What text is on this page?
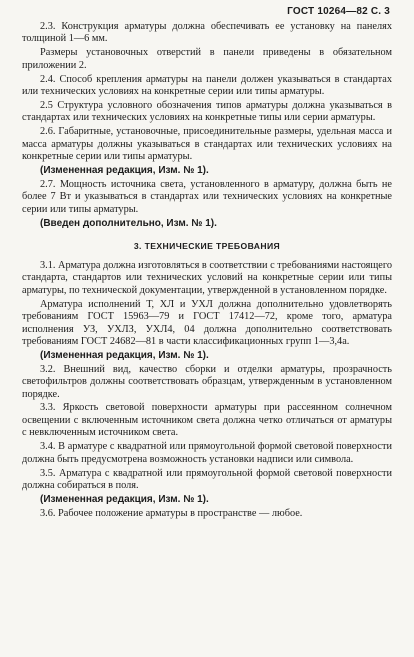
ГОСТ 10264—82 С. 3

2.3. Конструкция арматуры должна обеспечивать ее установку на панелях толщиной 1—6 мм.

Размеры установочных отверстий в панели приведены в обязательном приложении 2.

2.4. Способ крепления арматуры на панели должен указываться в стандартах или технических условиях на конкретные серии или типы арматуры.

2.5 Структура условного обозначения типов арматуры должна указываться в стандартах или технических условиях на конкретные типы или серии арматуры.

2.6. Габаритные, установочные, присоединительные размеры, удельная масса и масса арматуры должны указываться в стандартах или технических условиях на конкретные серии или типы арматуры.

(Измененная редакция, Изм. № 1).

2.7. Мощность источника света, установленного в арматуру, должна быть не более 7 Вт и указываться в стандартах или технических условиях на конкретные серии или типы арматуры.

(Введен дополнительно, Изм. № 1).
3. ТЕХНИЧЕСКИЕ ТРЕБОВАНИЯ

3.1. Арматура должна изготовляться в соответствии с требованиями настоящего стандарта, стандартов или технических условий на конкретные серии или типы арматуры, по технической документации, утвержденной в установленном порядке.

Арматура исполнений Т, ХЛ и УХЛ должна дополнительно удовлетворять требованиям ГОСТ 15963—79 и ГОСТ 17412—72, кроме того, арматура исполнения УЗ, УХЛЗ, УХЛ4, 04 должна дополнительно соответствовать требованиям ГОСТ 24682—81 в части классификационных групп 1—3,4а.

(Измененная редакция, Изм. № 1).

3.2. Внешний вид, качество сборки и отделки арматуры, прозрачность светофильтров должны соответствовать образцам, утвержденным в установленном порядке.

3.3. Яркость световой поверхности арматуры при рассеянном солнечном освещении с включенным источником света должна четко отличаться от арматуры с невключенным источником света.

3.4. В арматуре с квадратной или прямоугольной формой световой поверхности должна быть предусмотрена возможность установки надписи или символа.

3.5. Арматура с квадратной или прямоугольной формой световой поверхности должна собираться в поля.

(Измененная редакция, Изм. № 1).

3.6. Рабочее положение арматуры в пространстве — любое.
